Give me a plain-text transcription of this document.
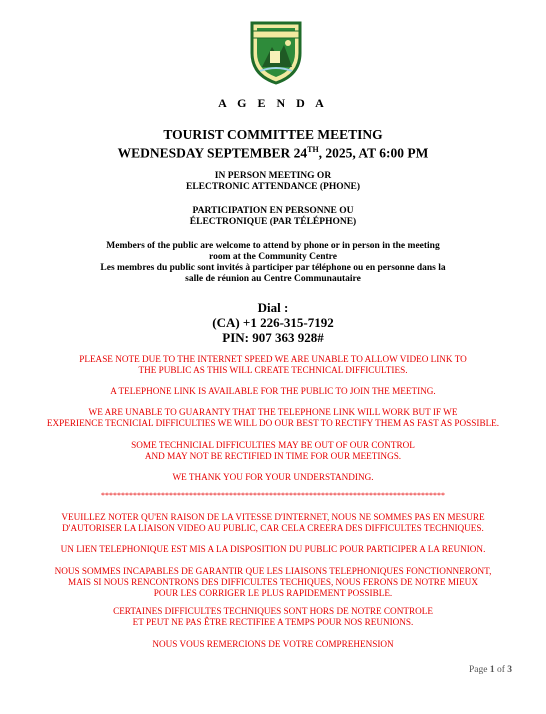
A G E N D A
TOURIST COMMITTEE MEETING
WEDNESDAY SEPTEMBER 24TH, 2025, AT 6:00 PM
IN PERSON MEETING OR
ELECTRONIC ATTENDANCE (PHONE)
PARTICIPATION EN PERSONNE OU
ÉLECTRONIQUE (PAR TÉLÉPHONE)
Members of the public are welcome to attend by phone or in person in the meeting
room at the Community Centre
Les membres du public sont invités à participer par téléphone ou en personne dans la
salle de réunion au Centre Communautaire
Dial :
(CA) +1 226-315-7192
PIN: 907 363 928#
PLEASE NOTE DUE TO THE INTERNET SPEED WE ARE UNABLE TO ALLOW VIDEO LINK TO
THE PUBLIC AS THIS WILL CREATE TECHNICAL DIFFICULTIES.
A TELEPHONE LINK IS AVAILABLE FOR THE PUBLIC TO JOIN THE MEETING.
WE ARE UNABLE TO GUARANTY THAT THE TELEPHONE LINK WILL WORK BUT IF WE
EXPERIENCE TECNICIAL DIFFICULTIES WE WILL DO OUR BEST TO RECTIFY THEM AS FAST AS POSSIBLE.
SOME TECHNICIAL DIFFICULTIES MAY BE OUT OF OUR CONTROL
AND MAY NOT BE RECTIFIED IN TIME FOR OUR MEETINGS.
WE THANK YOU FOR YOUR UNDERSTANDING.
**************************************************************************************
VEUILLEZ NOTER QU'EN RAISON DE LA VITESSE D'INTERNET, NOUS NE SOMMES PAS EN MESURE
D'AUTORISER LA LIAISON VIDEO AU PUBLIC, CAR CELA CREERA DES DIFFICULTES TECHNIQUES.
UN LIEN TELEPHONIQUE EST MIS A LA DISPOSITION DU PUBLIC POUR PARTICIPER A LA REUNION.
NOUS SOMMES INCAPABLES DE GARANTIR QUE LES LIAISONS TELEPHONIQUES FONCTIONNERONT,
MAIS SI NOUS RENCONTRONS DES DIFFICULTES TECHIQUES, NOUS FERONS DE NOTRE MIEUX
POUR LES CORRIGER LE PLUS RAPIDEMENT POSSIBLE.
CERTAINES DIFFICULTES TECHNIQUES SONT HORS DE NOTRE CONTROLE
ET PEUT NE PAS ÊTRE RECTIFIEE A TEMPS POUR NOS REUNIONS.
NOUS VOUS REMERCIONS DE VOTRE COMPREHENSION
Page 1 of 3
